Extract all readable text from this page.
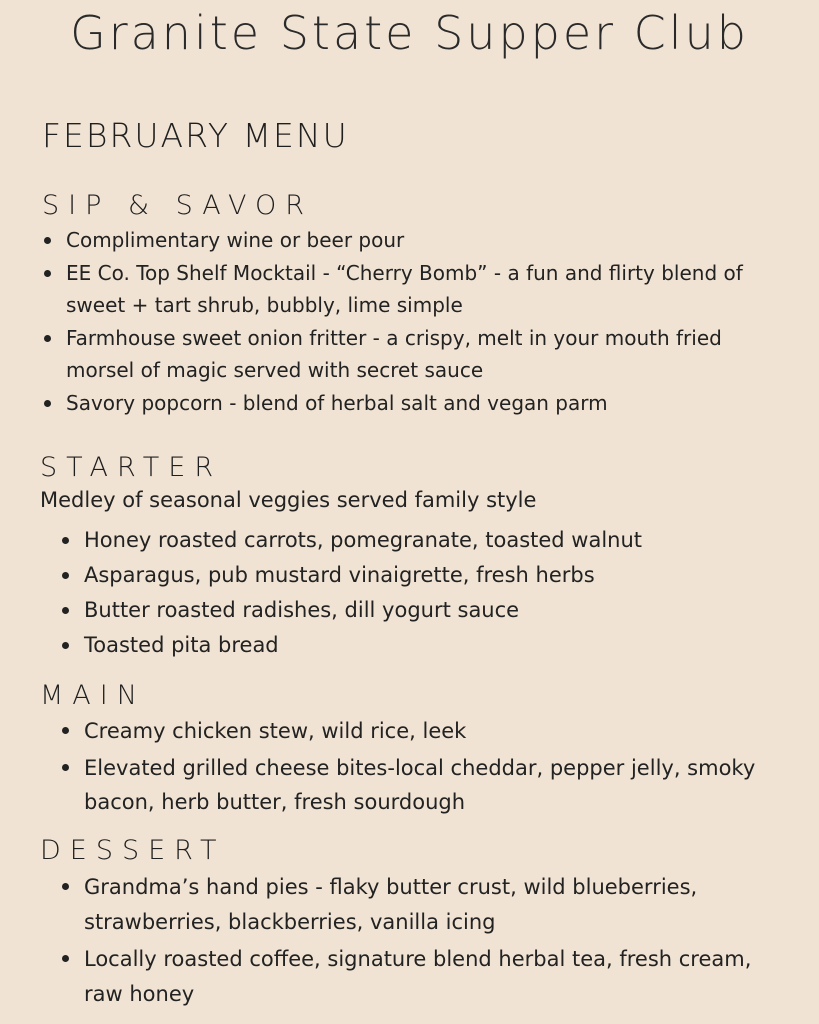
Granite State Supper Club
FEBRUARY MENU
SIP & SAVOR
Complimentary wine or beer pour
EE Co. Top Shelf Mocktail - “Cherry Bomb” - a fun and flirty blend of sweet + tart shrub, bubbly, lime simple
Farmhouse sweet onion fritter - a crispy, melt in your mouth fried morsel of magic served with secret sauce
Savory popcorn - blend of herbal salt and vegan parm
STARTER
Medley of seasonal veggies served family style
Honey roasted carrots, pomegranate, toasted walnut
Asparagus, pub mustard vinaigrette, fresh herbs
Butter roasted radishes, dill yogurt sauce
Toasted pita bread
MAIN
Creamy chicken stew, wild rice, leek
Elevated grilled cheese bites-local cheddar, pepper jelly, smoky bacon, herb butter, fresh sourdough
DESSERT
Grandma’s hand pies - flaky butter crust, wild blueberries, strawberries, blackberries, vanilla icing
Locally roasted coffee, signature blend herbal tea, fresh cream, raw honey
